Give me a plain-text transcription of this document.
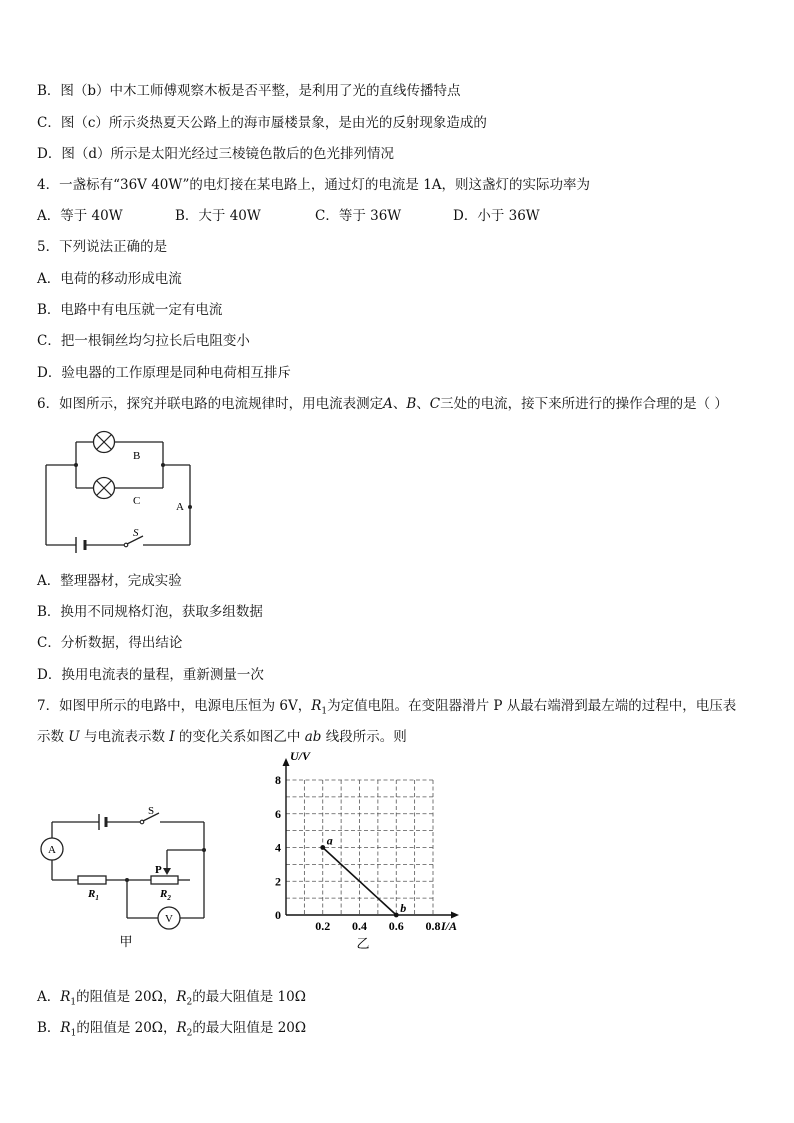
B．图（b）中木工师傅观察木板是否平整，是利用了光的直线传播特点
C．图（c）所示炎热夏天公路上的海市蜃楼景象，是由光的反射现象造成的
D．图（d）所示是太阳光经过三棱镜色散后的色光排列情况
4．一盏标有“36V 40W”的电灯接在某电路上，通过灯的电流是 1A，则这盏灯的实际功率为
A．等于 40W	B．大于 40W	C．等于 36W	D．小于 36W
5．下列说法正确的是
A．电荷的移动形成电流
B．电路中有电压就一定有电流
C．把一根铜丝均匀拉长后电阻变小
D．验电器的工作原理是同种电荷相互排斥
6．如图所示，探究并联电路的电流规律时，用电流表测定A、B、C三处的电流，接下来所进行的操作合理的是（ ）
S
B
C	A
A．整理器材，完成实验
B．换用不同规格灯泡，获取多组数据
C．分析数据，得出结论
D．换用电流表的量程，重新测量一次
7．如图甲所示的电路中，电源电压恒为 6V，$R_1$为定值电阻。在变阻器滑片 P 从最右端滑到最左端的过程中，电压表
示数 U 与电流表示数 I 的变化关系如图乙中 ab 线段所示。则
A
S
$R_1$	$R_2$
P
V
甲
0.2 0.4 0.6 0.8
0
2
4
6
8
a
b
U/V
I/A
乙
A．$R_1$的阻值是 20Ω，$R_2$的最大阻值是 10Ω
B．$R_1$的阻值是 20Ω，$R_2$的最大阻值是 20Ω
